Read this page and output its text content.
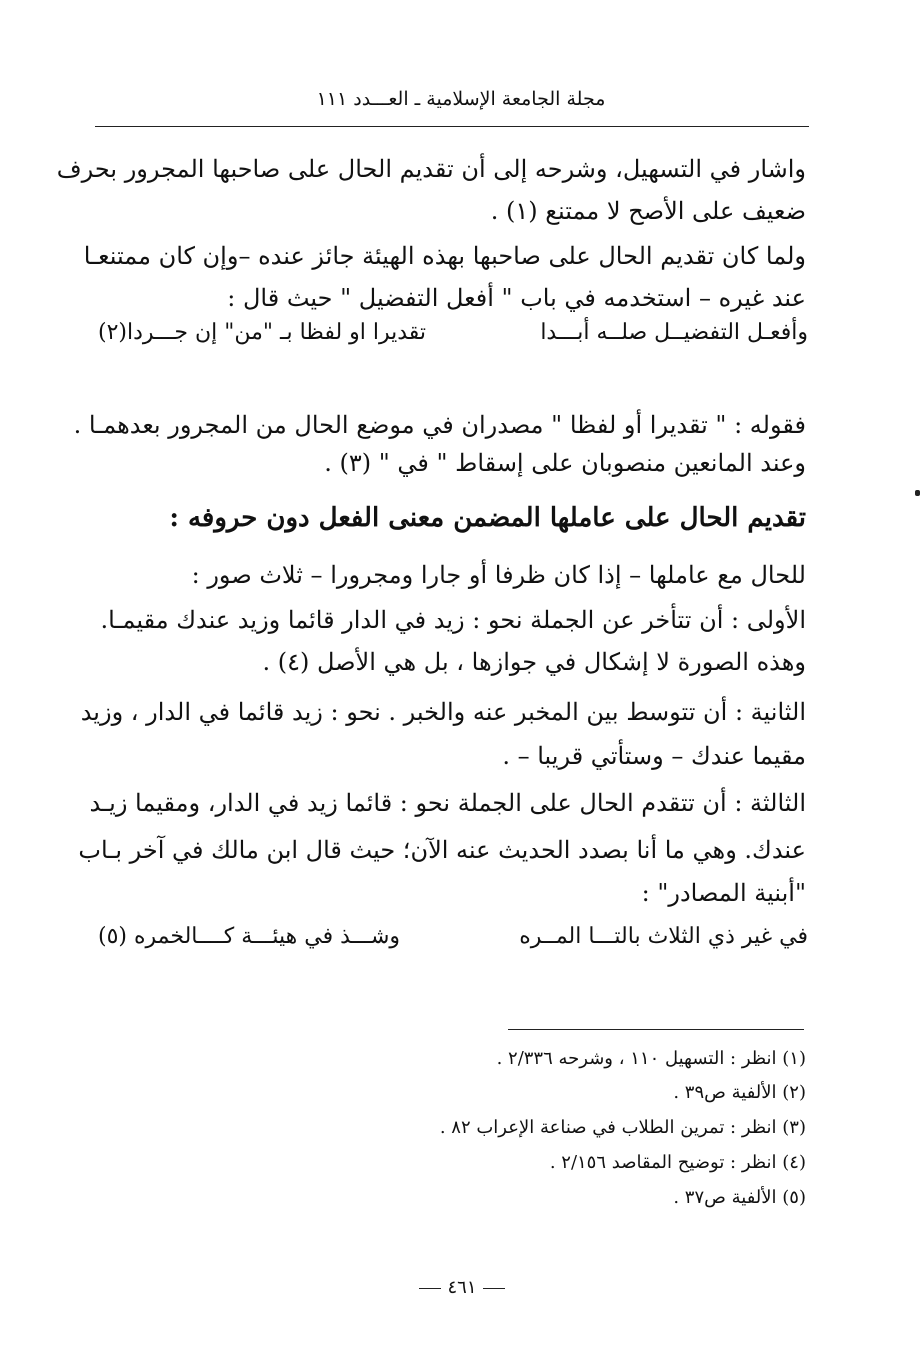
مجلة الجامعة الإسلامية ـ العـــدد ١١١
واشار في التسهيل، وشرحه إلى أن تقديم الحال على صاحبها المجرور بحرف
ضعيف على الأصح لا ممتنع (١) .
ولما كان تقديم الحال على صاحبها بهذه الهيئة جائز عنده –وإن كان ممتنعـا
عند غيره – استخدمه في باب " أفعل التفضيل " حيث قال :
وأفعـل التفضيــل صلــه أبـــدا
تقديرا او لفظا بـ "من" إن جـــردا(٢)
فقوله : " تقديرا أو لفظا " مصدران في موضع الحال من المجرور بعدهمـا .
وعند المانعين منصوبان على إسقاط " في " (٣) .
تقديم الحال على عاملها المضمن معنى الفعل دون حروفه :
للحال مع عاملها – إذا كان ظرفا أو جارا ومجرورا – ثلاث صور :
الأولى : أن تتأخر عن الجملة نحو : زيد في الدار قائما وزيد عندك مقيمـا.
وهذه الصورة لا إشكال في جوازها ، بل هي الأصل (٤) .
الثانية : أن تتوسط بين المخبر عنه والخبر . نحو : زيد قائما في الدار ، وزيد
مقيما عندك – وستأتي قريبا – .
الثالثة : أن تتقدم الحال على الجملة نحو : قائما زيد في الدار، ومقيما زيـد
عندك. وهي ما أنا بصدد الحديث عنه الآن؛ حيث قال ابن مالك في آخر بـاب
"أبنية المصادر" :
في غير ذي الثلاث بالتـــا المــره
وشـــذ في هيئـــة كــــالخمره (٥)
(١) انظر : التسهيل ١١٠ ، وشرحه ٢/٣٣٦ .
(٢) الألفية ص٣٩ .
(٣) انظر : تمرين الطلاب في صناعة الإعراب ٨٢ .
(٤) انظر : توضيح المقاصد ٢/١٥٦ .
(٥) الألفية ص٣٧ .
٤٦١
